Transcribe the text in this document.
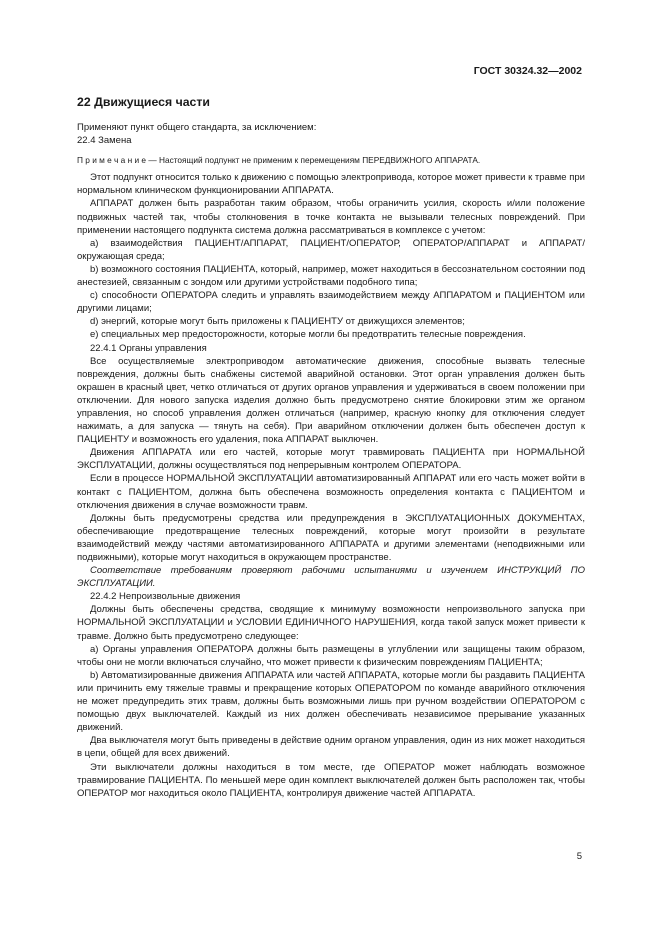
ГОСТ 30324.32—2002
22 Движущиеся части

Применяют пункт общего стандарта, за исключением:

22.4 Замена

П р и м е ч а н и е — Настоящий подпункт не применим к перемещениям ПЕРЕДВИЖНОГО АППАРАТА.

Этот подпункт относится только к движению с помощью электропривода, которое может привести к травме при нормальном клиническом функционировании АППАРАТА.

АППАРАТ должен быть разработан таким образом, чтобы ограничить усилия, скорость и/или положение подвижных частей так, чтобы столкновения в точке контакта не вызывали телесных повреждений. При применении настоящего подпункта система должна рассматриваться в комплексе с учетом:

a) взаимодействия ПАЦИЕНТ/АППАРАТ, ПАЦИЕНТ/ОПЕРАТОР, ОПЕРАТОР/АППАРАТ и АППАРАТ/окружающая среда;

b) возможного состояния ПАЦИЕНТА, который, например, может находиться в бессознательном состоянии под анестезией, связанным с зондом или другими устройствами подобного типа;

c) способности ОПЕРАТОРА следить и управлять взаимодействием между АППАРАТОМ и ПАЦИЕНТОМ или другими лицами;

d) энергий, которые могут быть приложены к ПАЦИЕНТУ от движущихся элементов;

e) специальных мер предосторожности, которые могли бы предотвратить телесные повреждения.

22.4.1 Органы управления

Все осуществляемые электроприводом автоматические движения, способные вызвать телесные повреждения, должны быть снабжены системой аварийной остановки. Этот орган управления должен быть окрашен в красный цвет, четко отличаться от других органов управления и удерживаться в своем положении при отключении. Для нового запуска изделия должно быть предусмотрено снятие блокировки этим же органом управления, но способ управления должен отличаться (например, красную кнопку для отключения следует нажимать, а для запуска — тянуть на себя). При аварийном отключении должен быть обеспечен доступ к ПАЦИЕНТУ и возможность его удаления, пока АППАРАТ выключен.

Движения АППАРАТА или его частей, которые могут травмировать ПАЦИЕНТА при НОРМАЛЬНОЙ ЭКСПЛУАТАЦИИ, должны осуществляться под непрерывным контролем ОПЕРАТОРА.

Если в процессе НОРМАЛЬНОЙ ЭКСПЛУАТАЦИИ автоматизированный АППАРАТ или его часть может войти в контакт с ПАЦИЕНТОМ, должна быть обеспечена возможность определения контакта с ПАЦИЕНТОМ и отключения движения в случае возможности травм.

Должны быть предусмотрены средства или предупреждения в ЭКСПЛУАТАЦИОННЫХ ДОКУМЕНТАХ, обеспечивающие предотвращение телесных повреждений, которые могут произойти в результате взаимодействий между частями автоматизированного АППАРАТА и другими элементами (неподвижными или подвижными), которые могут находиться в окружающем пространстве.

Соответствие требованиям проверяют рабочими испытаниями и изучением ИНСТРУКЦИЙ ПО ЭКСПЛУАТАЦИИ.

22.4.2 Непроизвольные движения

Должны быть обеспечены средства, сводящие к минимуму возможности непроизвольного запуска при НОРМАЛЬНОЙ ЭКСПЛУАТАЦИИ и УСЛОВИИ ЕДИНИЧНОГО НАРУШЕНИЯ, когда такой запуск может привести к травме. Должно быть предусмотрено следующее:

a) Органы управления ОПЕРАТОРА должны быть размещены в углублении или защищены таким образом, чтобы они не могли включаться случайно, что может привести к физическим повреждениям ПАЦИЕНТА;

b) Автоматизированные движения АППАРАТА или частей АППАРАТА, которые могли бы раздавить ПАЦИЕНТА или причинить ему тяжелые травмы и прекращение которых ОПЕРАТОРОМ по команде аварийного отключения не может предупредить этих травм, должны быть возможными лишь при ручном воздействии ОПЕРАТОРОМ с помощью двух выключателей. Каждый из них должен обеспечивать независимое прерывание указанных движений.

Два выключателя могут быть приведены в действие одним органом управления, один из них может находиться в цепи, общей для всех движений.

Эти выключатели должны находиться в том месте, где ОПЕРАТОР может наблюдать возможное травмирование ПАЦИЕНТА. По меньшей мере один комплект выключателей должен быть расположен так, чтобы ОПЕРАТОР мог находиться около ПАЦИЕНТА, контролируя движение частей АППАРАТА.

5
